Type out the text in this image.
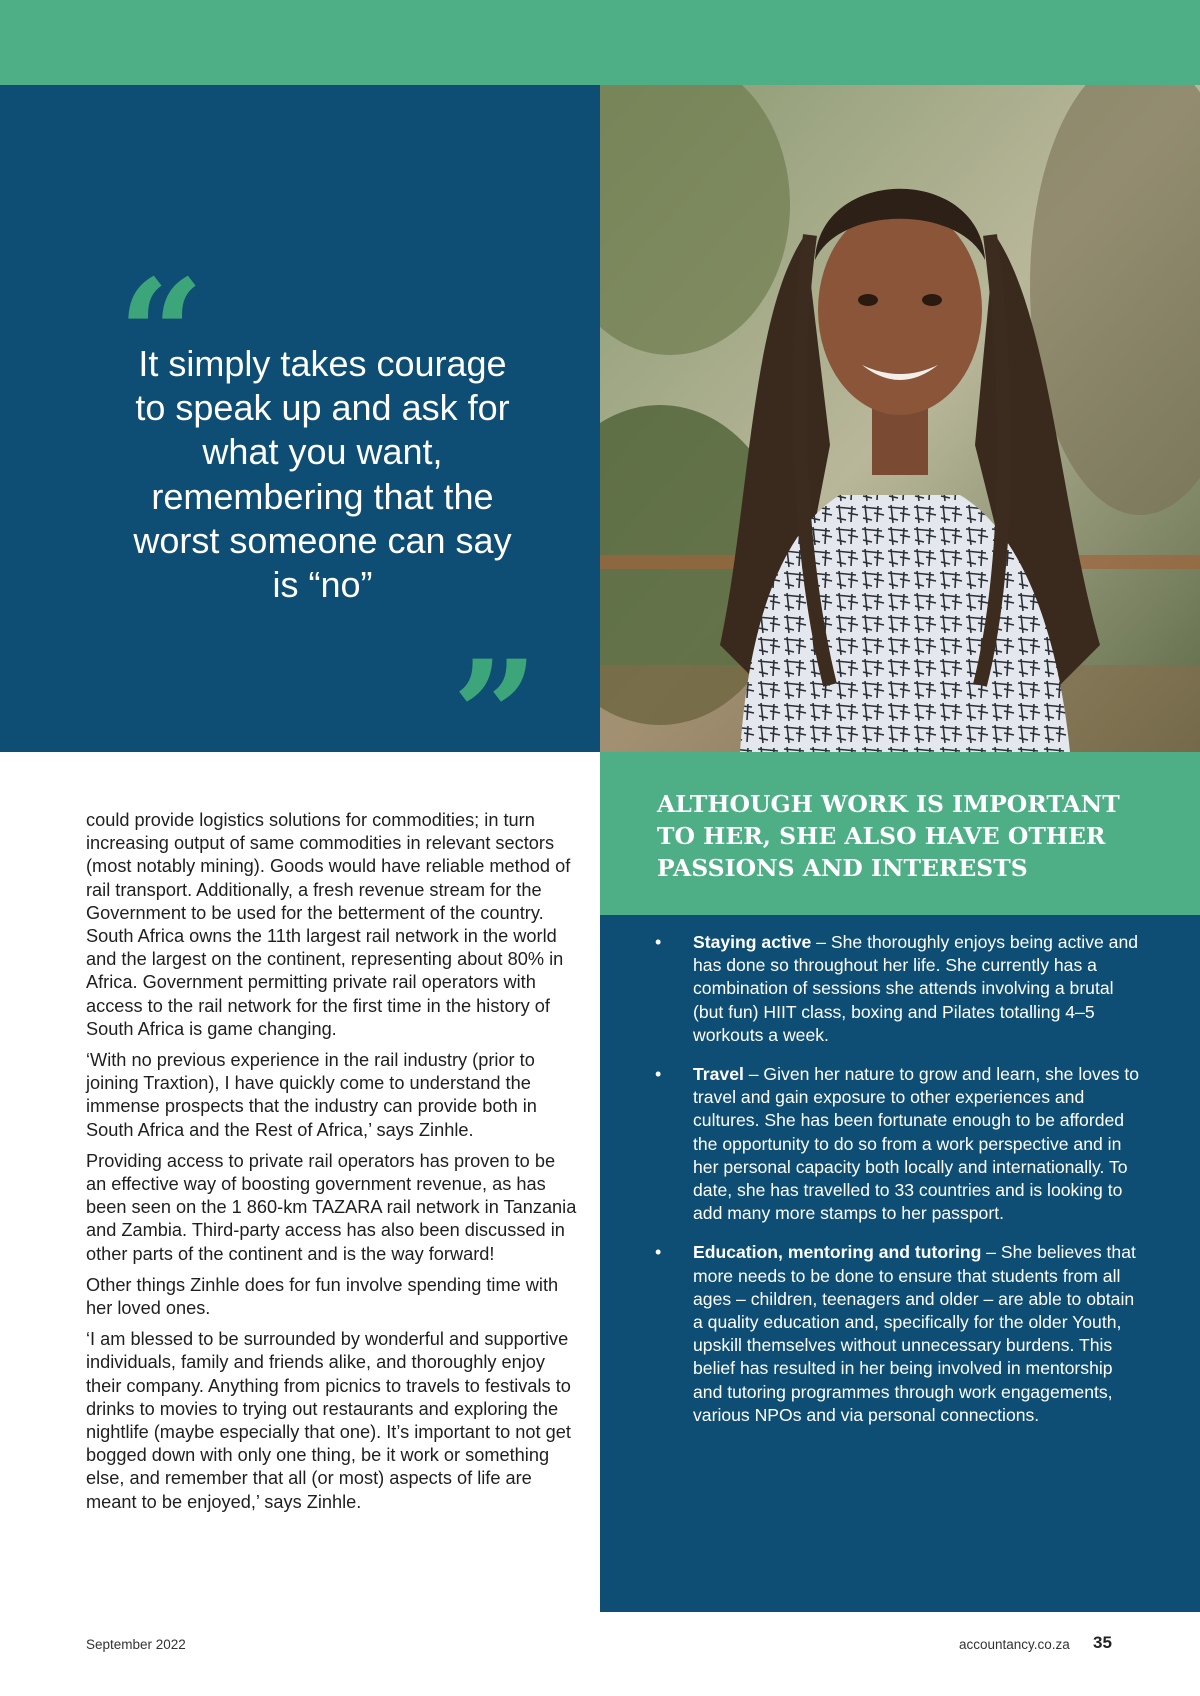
“
It simply takes courage to speak up and ask for what you want, remembering that the worst someone can say is “no”
”

could provide logistics solutions for commodities; in turn increasing output of same commodities in relevant sectors (most notably mining). Goods would have reliable method of rail transport. Additionally, a fresh revenue stream for the Government to be used for the betterment of the country. South Africa owns the 11th largest rail network in the world and the largest on the continent, representing about 80% in Africa. Government permitting private rail operators with access to the rail network for the first time in the history of South Africa is game changing.

‘With no previous experience in the rail industry (prior to joining Traxtion), I have quickly come to understand the immense prospects that the industry can provide both in South Africa and the Rest of Africa,’ says Zinhle.

Providing access to private rail operators has proven to be an effective way of boosting government revenue, as has been seen on the 1 860-km TAZARA rail network in Tanzania and Zambia. Third-party access has also been discussed in other parts of the continent and is the way forward!

Other things Zinhle does for fun involve spending time with her loved ones.

‘I am blessed to be surrounded by wonderful and supportive individuals, family and friends alike, and thoroughly enjoy their company. Anything from picnics to travels to festivals to drinks to movies to trying out restaurants and exploring the nightlife (maybe especially that one). It’s important to not get bogged down with only one thing, be it work or something else, and remember that all (or most) aspects of life are meant to be enjoyed,’ says Zinhle.

ALTHOUGH WORK IS IMPORTANT TO HER, SHE ALSO HAVE OTHER PASSIONS AND INTERESTS
• Staying active – She thoroughly enjoys being active and has done so throughout her life. She currently has a combination of sessions she attends involving a brutal (but fun) HIIT class, boxing and Pilates totalling 4–5 workouts a week.
• Travel – Given her nature to grow and learn, she loves to travel and gain exposure to other experiences and cultures. She has been fortunate enough to be afforded the opportunity to do so from a work perspective and in her personal capacity both locally and internationally. To date, she has travelled to 33 countries and is looking to add many more stamps to her passport.
• Education, mentoring and tutoring – She believes that more needs to be done to ensure that students from all ages – children, teenagers and older – are able to obtain a quality education and, specifically for the older Youth, upskill themselves without unnecessary burdens. This belief has resulted in her being involved in mentorship and tutoring programmes through work engagements, various NPOs and via personal connections.
September 2022	accountancy.co.za 35
